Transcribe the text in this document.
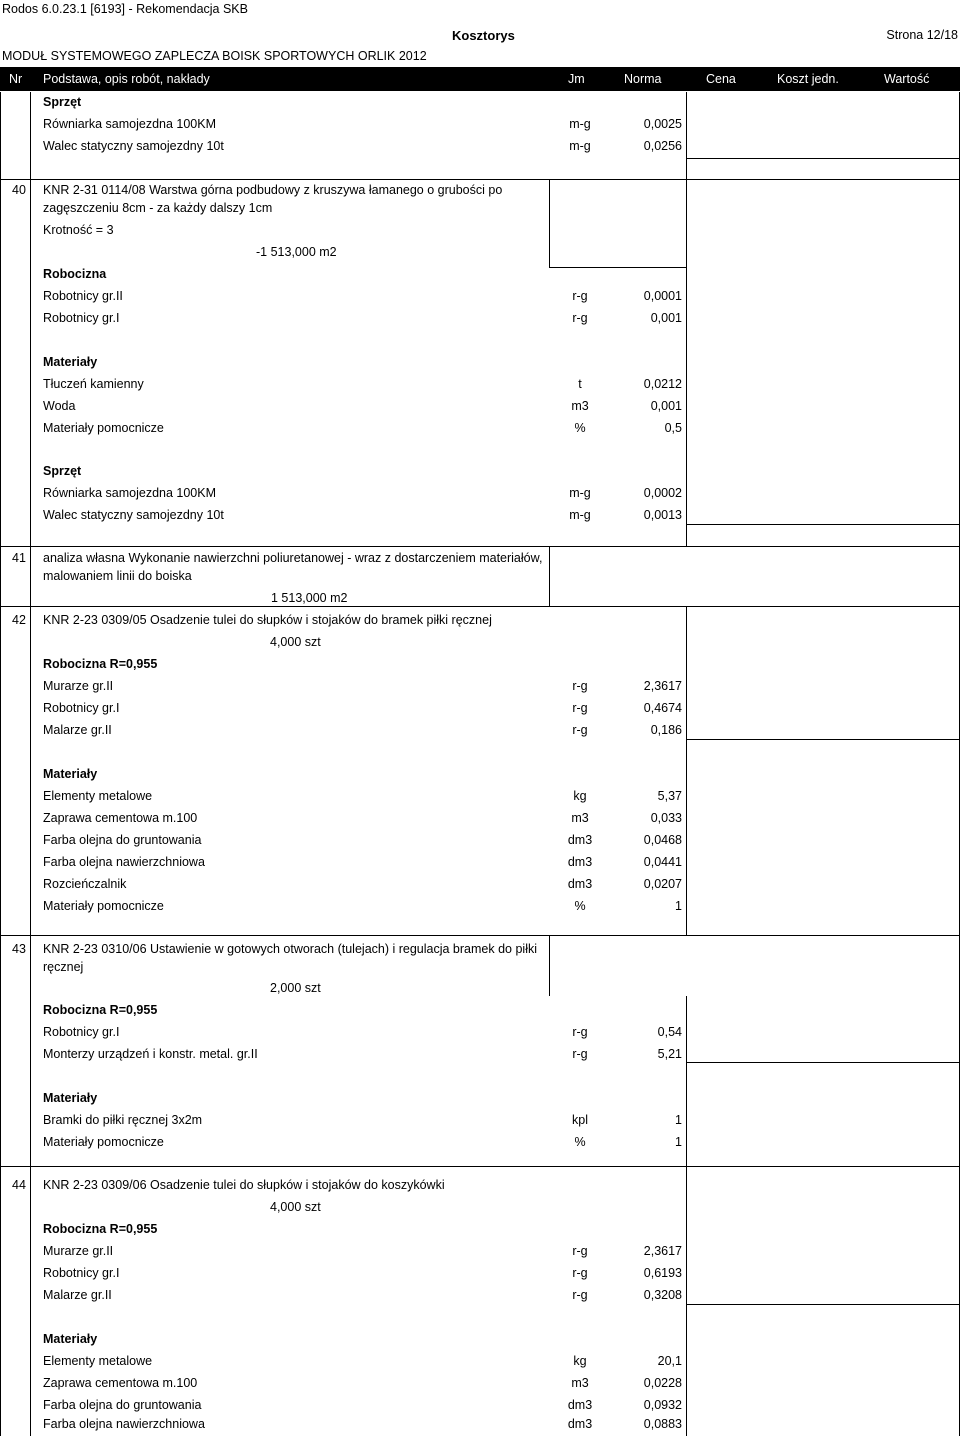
Rodos 6.0.23.1 [6193] - Rekomendacja SKB
Kosztorys	Strona 12/18
MODUŁ SYSTEMOWEGO ZAPLECZA BOISK SPORTOWYCH ORLIK 2012
Nr Podstawa, opis robót, nakłady	Jm	Norma	Cena	Koszt jedn.	Wartość
Sprzęt
Równiarka samojezdna 100KM	m-g	0,0025
Walec statyczny samojezdny 10t	m-g	0,0256
40 KNR 2-31 0114/08 Warstwa górna podbudowy z kruszywa łamanego o grubości po
zagęszczeniu 8cm - za każdy dalszy 1cm
Krotność = 3
-1 513,000 m2
Robocizna
Robotnicy gr.II	r-g	0,0001
Robotnicy gr.I	r-g	0,001
Materiały
Tłuczeń kamienny	t	0,0212
Woda	m3	0,001
Materiały pomocnicze	%	0,5
Sprzęt
Równiarka samojezdna 100KM	m-g	0,0002
Walec statyczny samojezdny 10t	m-g	0,0013
41 analiza własna Wykonanie nawierzchni poliuretanowej - wraz z dostarczeniem materiałów,
malowaniem linii do boiska
1 513,000 m2
42 KNR 2-23 0309/05 Osadzenie tulei do słupków i stojaków do bramek piłki ręcznej
4,000 szt
Robocizna R=0,955
Murarze gr.II	r-g	2,3617
Robotnicy gr.I	r-g	0,4674
Malarze gr.II	r-g	0,186
Materiały
Elementy metalowe	kg	5,37
Zaprawa cementowa m.100	m3	0,033
Farba olejna do gruntowania	dm3	0,0468
Farba olejna nawierzchniowa	dm3	0,0441
Rozcieńczalnik	dm3	0,0207
Materiały pomocnicze	%	1
43 KNR 2-23 0310/06 Ustawienie w gotowych otworach (tulejach) i regulacja bramek do piłki
ręcznej
2,000 szt
Robocizna R=0,955
Robotnicy gr.I	r-g	0,54
Monterzy urządzeń i konstr. metal. gr.II	r-g	5,21
Materiały
Bramki do piłki ręcznej 3x2m	kpl	1
Materiały pomocnicze	%	1
44 KNR 2-23 0309/06 Osadzenie tulei do słupków i stojaków do koszykówki
4,000 szt
Robocizna R=0,955
Murarze gr.II	r-g	2,3617
Robotnicy gr.I	r-g	0,6193
Malarze gr.II	r-g	0,3208
Materiały
Elementy metalowe	kg	20,1
Zaprawa cementowa m.100	m3	0,0228
Farba olejna do gruntowania	dm3	0,0932
Farba olejna nawierzchniowa	dm3	0,0883
